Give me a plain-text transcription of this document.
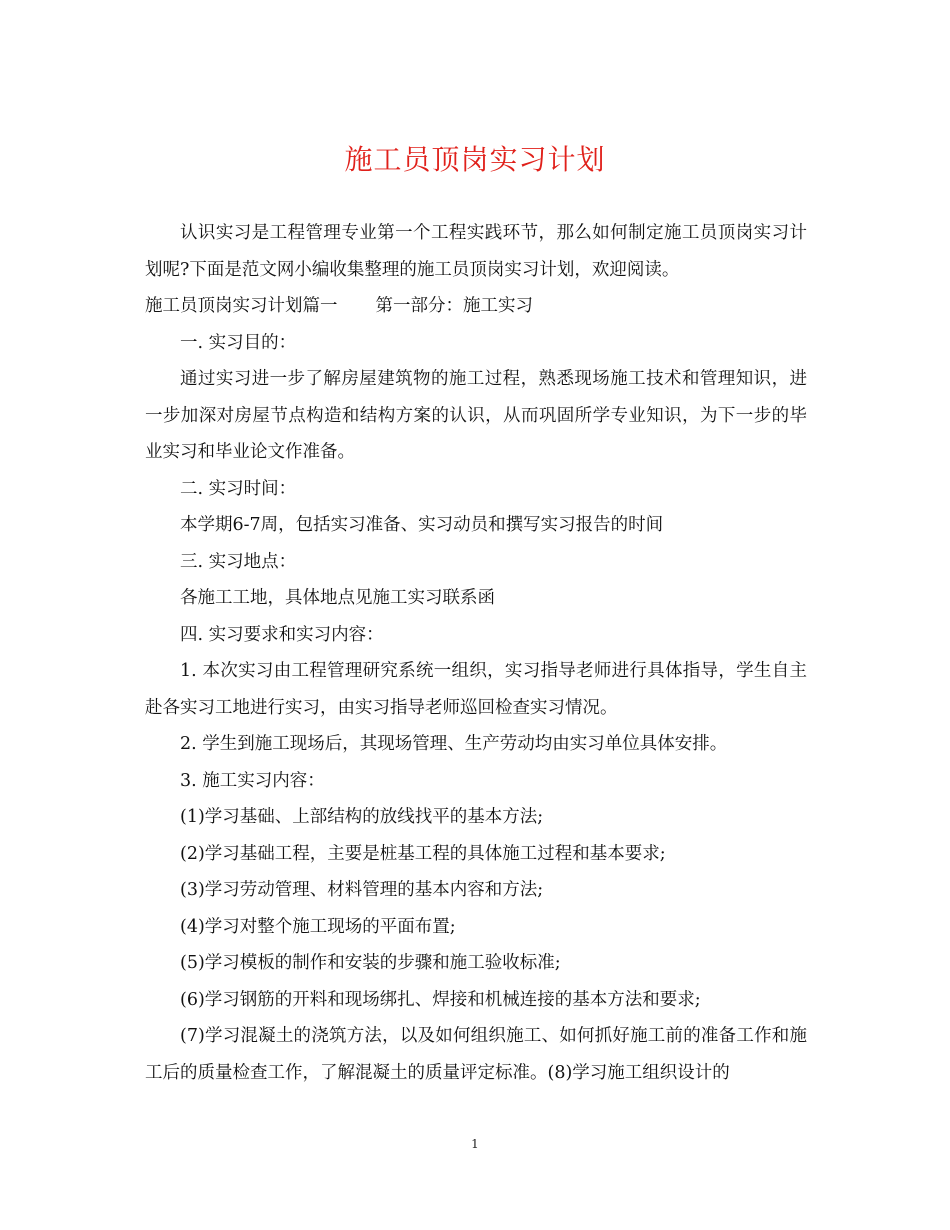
施工员顶岗实习计划

认识实习是工程管理专业第一个工程实践环节，那么如何制定施工员顶岗实习计划呢?下面是范文网小编收集整理的施工员顶岗实习计划，欢迎阅读。

施工员顶岗实习计划篇一 第一部分：施工实习

一. 实习目的：

通过实习进一步了解房屋建筑物的施工过程，熟悉现场施工技术和管理知识，进一步加深对房屋节点构造和结构方案的认识，从而巩固所学专业知识，为下一步的毕业实习和毕业论文作准备。

二. 实习时间：

本学期6-7周，包括实习准备、实习动员和撰写实习报告的时间

三. 实习地点：

各施工工地，具体地点见施工实习联系函

四. 实习要求和实习内容：

1. 本次实习由工程管理研究系统一组织，实习指导老师进行具体指导，学生自主赴各实习工地进行实习，由实习指导老师巡回检查实习情况。

2. 学生到施工现场后，其现场管理、生产劳动均由实习单位具体安排。

3. 施工实习内容：

(1)学习基础、上部结构的放线找平的基本方法;

(2)学习基础工程，主要是桩基工程的具体施工过程和基本要求;

(3)学习劳动管理、材料管理的基本内容和方法;

(4)学习对整个施工现场的平面布置;

(5)学习模板的制作和安装的步骤和施工验收标准;

(6)学习钢筋的开料和现场绑扎、焊接和机械连接的基本方法和要求;

(7)学习混凝土的浇筑方法，以及如何组织施工、如何抓好施工前的准备工作和施工后的质量检查工作，了解混凝土的质量评定标准。(8)学习施工组织设计的

1
